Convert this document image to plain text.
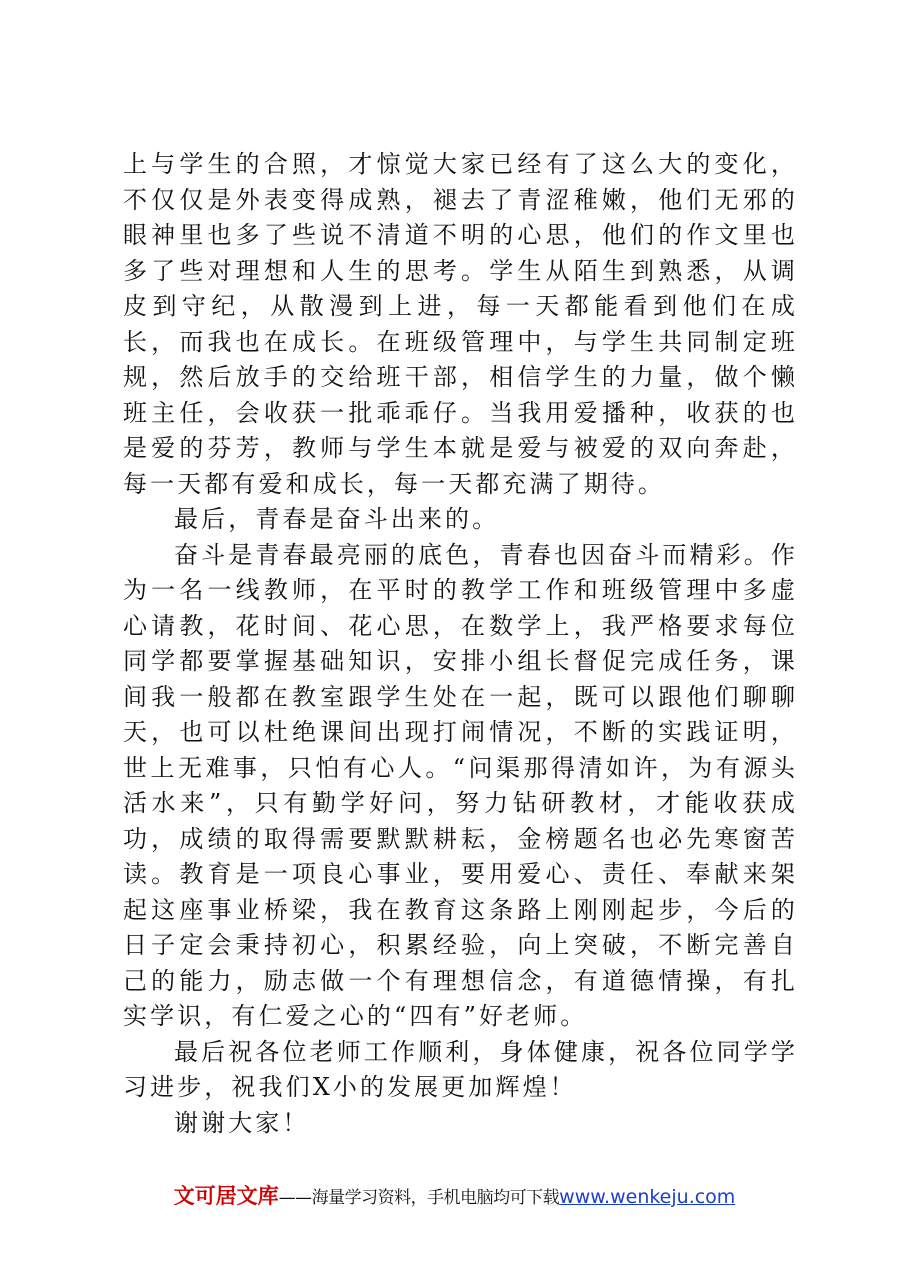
上与学生的合照，才惊觉大家已经有了这么大的变化，不仅仅是外表变得成熟，褪去了青涩稚嫩，他们无邪的眼神里也多了些说不清道不明的心思，他们的作文里也多了些对理想和人生的思考。学生从陌生到熟悉，从调皮到守纪，从散漫到上进，每一天都能看到他们在成长，而我也在成长。在班级管理中，与学生共同制定班规，然后放手的交给班干部，相信学生的力量，做个懒班主任，会收获一批乖乖仔。当我用爱播种，收获的也是爱的芬芳，教师与学生本就是爱与被爱的双向奔赴，每一天都有爱和成长，每一天都充满了期待。

最后，青春是奋斗出来的。

奋斗是青春最亮丽的底色，青春也因奋斗而精彩。作为一名一线教师，在平时的教学工作和班级管理中多虚心请教，花时间、花心思，在数学上，我严格要求每位同学都要掌握基础知识，安排小组长督促完成任务，课间我一般都在教室跟学生处在一起，既可以跟他们聊聊天，也可以杜绝课间出现打闹情况，不断的实践证明，世上无难事，只怕有心人。“问渠那得清如许，为有源头活水来”，只有勤学好问，努力钻研教材，才能收获成功，成绩的取得需要默默耕耘，金榜题名也必先寒窗苦读。教育是一项良心事业，要用爱心、责任、奉献来架起这座事业桥梁，我在教育这条路上刚刚起步，今后的日子定会秉持初心，积累经验，向上突破，不断完善自己的能力，励志做一个有理想信念，有道德情操，有扎实学识，有仁爱之心的“四有”好老师。

最后祝各位老师工作顺利，身体健康，祝各位同学学习进步，祝我们X小的发展更加辉煌！

谢谢大家！

文可居文库——海量学习资料，手机电脑均可下载www.wenkeju.com
